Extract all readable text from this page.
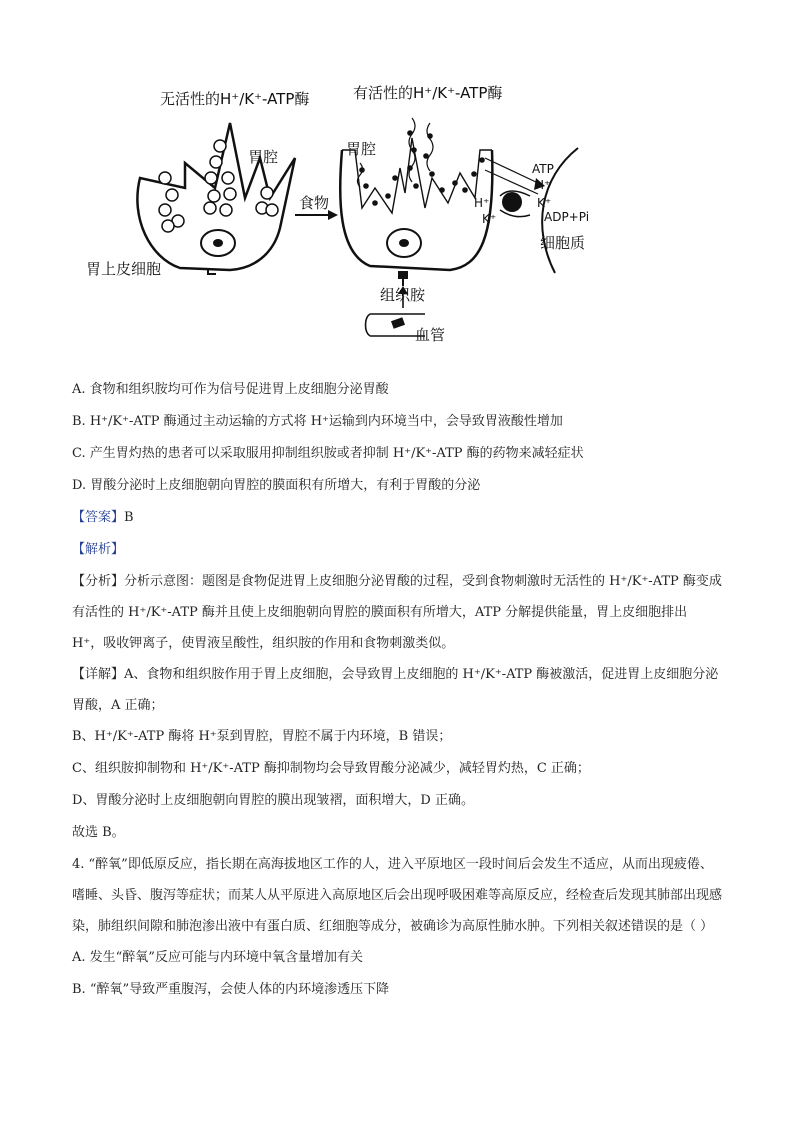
无活性的H⁺/K⁺-ATP酶	有活性的H⁺/K⁺-ATP酶
胃腔	胃腔
食物
胃上皮细胞
组织胺
血管
ATP
H⁺
K⁺
H⁺
K⁺	ADP+Pi
细胞质
A. 食物和组织胺均可作为信号促进胃上皮细胞分泌胃酸
B. H⁺/K⁺-ATP 酶通过主动运输的方式将 H⁺运输到内环境当中，会导致胃液酸性增加
C. 产生胃灼热的患者可以采取服用抑制组织胺或者抑制 H⁺/K⁺-ATP 酶的药物来减轻症状
D. 胃酸分泌时上皮细胞朝向胃腔的膜面积有所增大，有利于胃酸的分泌
【答案】B
【解析】

【分析】分析示意图：题图是食物促进胃上皮细胞分泌胃酸的过程，受到食物刺激时无活性的 H⁺/K⁺-ATP 酶变成有活性的 H⁺/K⁺-ATP 酶并且使上皮细胞朝向胃腔的膜面积有所增大，ATP 分解提供能量，胃上皮细胞排出 H⁺，吸收钾离子，使胃液呈酸性，组织胺的作用和食物刺激类似。

【详解】A、食物和组织胺作用于胃上皮细胞，会导致胃上皮细胞的 H⁺/K⁺-ATP 酶被激活，促进胃上皮细胞分泌胃酸，A 正确；

B、H⁺/K⁺-ATP 酶将 H⁺泵到胃腔，胃腔不属于内环境，B 错误；
C、组织胺抑制物和 H⁺/K⁺-ATP 酶抑制物均会导致胃酸分泌减少，减轻胃灼热，C 正确；
D、胃酸分泌时上皮细胞朝向胃腔的膜出现皱褶，面积增大，D 正确。
故选 B。

4. “醉氧”即低原反应，指长期在高海拔地区工作的人，进入平原地区一段时间后会发生不适应，从而出现疲倦、嗜睡、头昏、腹泻等症状；而某人从平原进入高原地区后会出现呼吸困难等高原反应，经检查后发现其肺部出现感染，肺组织间隙和肺泡渗出液中有蛋白质、红细胞等成分，被确诊为高原性肺水肿。下列相关叙述错误的是（ ）

A. 发生“醉氧”反应可能与内环境中氧含量增加有关
B. “醉氧”导致严重腹泻，会使人体的内环境渗透压下降
